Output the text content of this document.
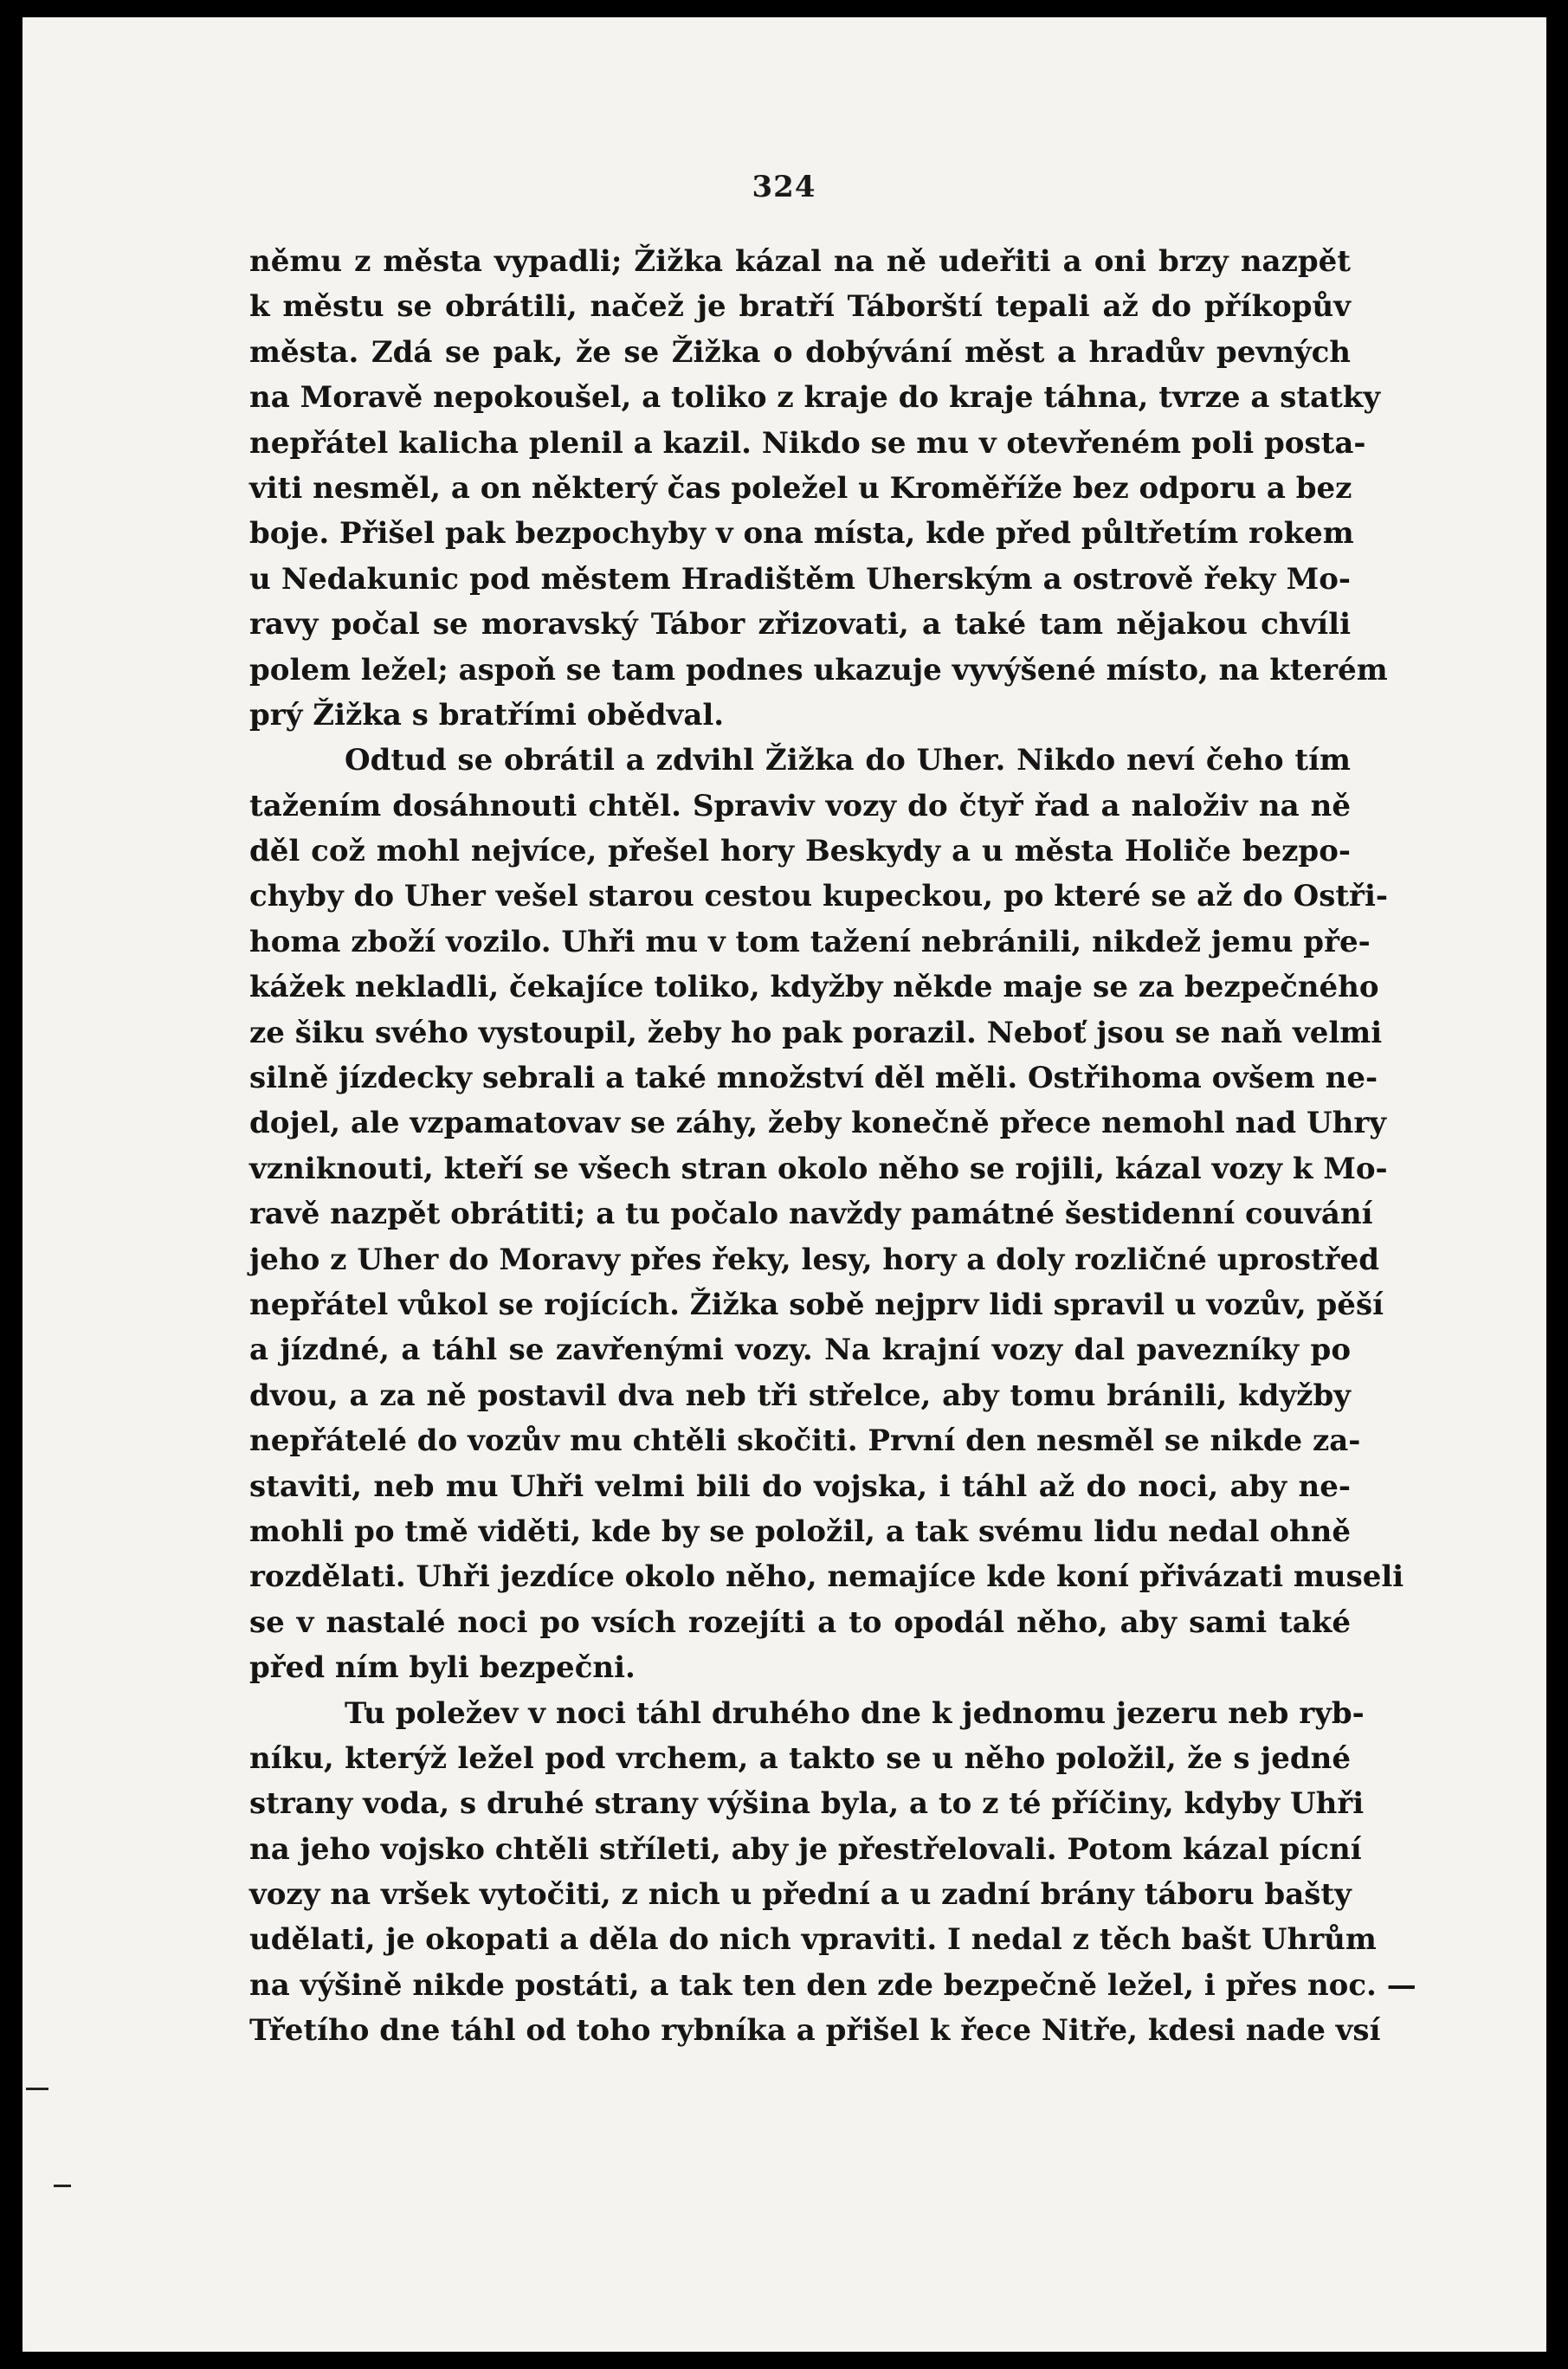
324
němu z města vypadli; Žižka kázal na ně udeřiti a oni brzy nazpět
k městu se obrátili, načež je bratří Táborští tepali až do příkopův
města. Zdá se pak, že se Žižka o dobývání měst a hradův pevných
na Moravě nepokoušel, a toliko z kraje do kraje táhna, tvrze a statky
nepřátel kalicha plenil a kazil. Nikdo se mu v otevřeném poli posta-
viti nesměl, a on některý čas poležel u Kroměříže bez odporu a bez
boje. Přišel pak bezpochyby v ona místa, kde před půltřetím rokem
u Nedakunic pod městem Hradištěm Uherským a ostrově řeky Mo-
ravy počal se moravský Tábor zřizovati, a také tam nějakou chvíli
polem ležel; aspoň se tam podnes ukazuje vyvýšené místo, na kterém
prý Žižka s bratřími obědval.
Odtud se obrátil a zdvihl Žižka do Uher. Nikdo neví čeho tím
tažením dosáhnouti chtěl. Spraviv vozy do čtyř řad a naloživ na ně
děl což mohl nejvíce, přešel hory Beskydy a u města Holiče bezpo-
chyby do Uher vešel starou cestou kupeckou, po které se až do Ostři-
homa zboží vozilo. Uhři mu v tom tažení nebránili, nikdež jemu pře-
kážek nekladli, čekajíce toliko, kdyžby někde maje se za bezpečného
ze šiku svého vystoupil, žeby ho pak porazil. Neboť jsou se naň velmi
silně jízdecky sebrali a také množství děl měli. Ostřihoma ovšem ne-
dojel, ale vzpamatovav se záhy, žeby konečně přece nemohl nad Uhry
vzniknouti, kteří se všech stran okolo něho se rojili, kázal vozy k Mo-
ravě nazpět obrátiti; a tu počalo navždy památné šestidenní couvání
jeho z Uher do Moravy přes řeky, lesy, hory a doly rozličné uprostřed
nepřátel vůkol se rojících. Žižka sobě nejprv lidi spravil u vozův, pěší
a jízdné, a táhl se zavřenými vozy. Na krajní vozy dal pavezníky po
dvou, a za ně postavil dva neb tři střelce, aby tomu bránili, kdyžby
nepřátelé do vozův mu chtěli skočiti. První den nesměl se nikde za-
staviti, neb mu Uhři velmi bili do vojska, i táhl až do noci, aby ne-
mohli po tmě viděti, kde by se položil, a tak svému lidu nedal ohně
rozdělati. Uhři jezdíce okolo něho, nemajíce kde koní přivázati museli
se v nastalé noci po vsích rozejíti a to opodál něho, aby sami také
před ním byli bezpečni.
Tu poležev v noci táhl druhého dne k jednomu jezeru neb ryb-
níku, kterýž ležel pod vrchem, a takto se u něho položil, že s jedné
strany voda, s druhé strany výšina byla, a to z té příčiny, kdyby Uhři
na jeho vojsko chtěli stříleti, aby je přestřelovali. Potom kázal pícní
vozy na vršek vytočiti, z nich u přední a u zadní brány táboru bašty
udělati, je okopati a děla do nich vpraviti. I nedal z těch bašt Uhrům
na výšině nikde postáti, a tak ten den zde bezpečně ležel, i přes noc. —
Třetího dne táhl od toho rybníka a přišel k řece Nitře, kdesi nade vsí
